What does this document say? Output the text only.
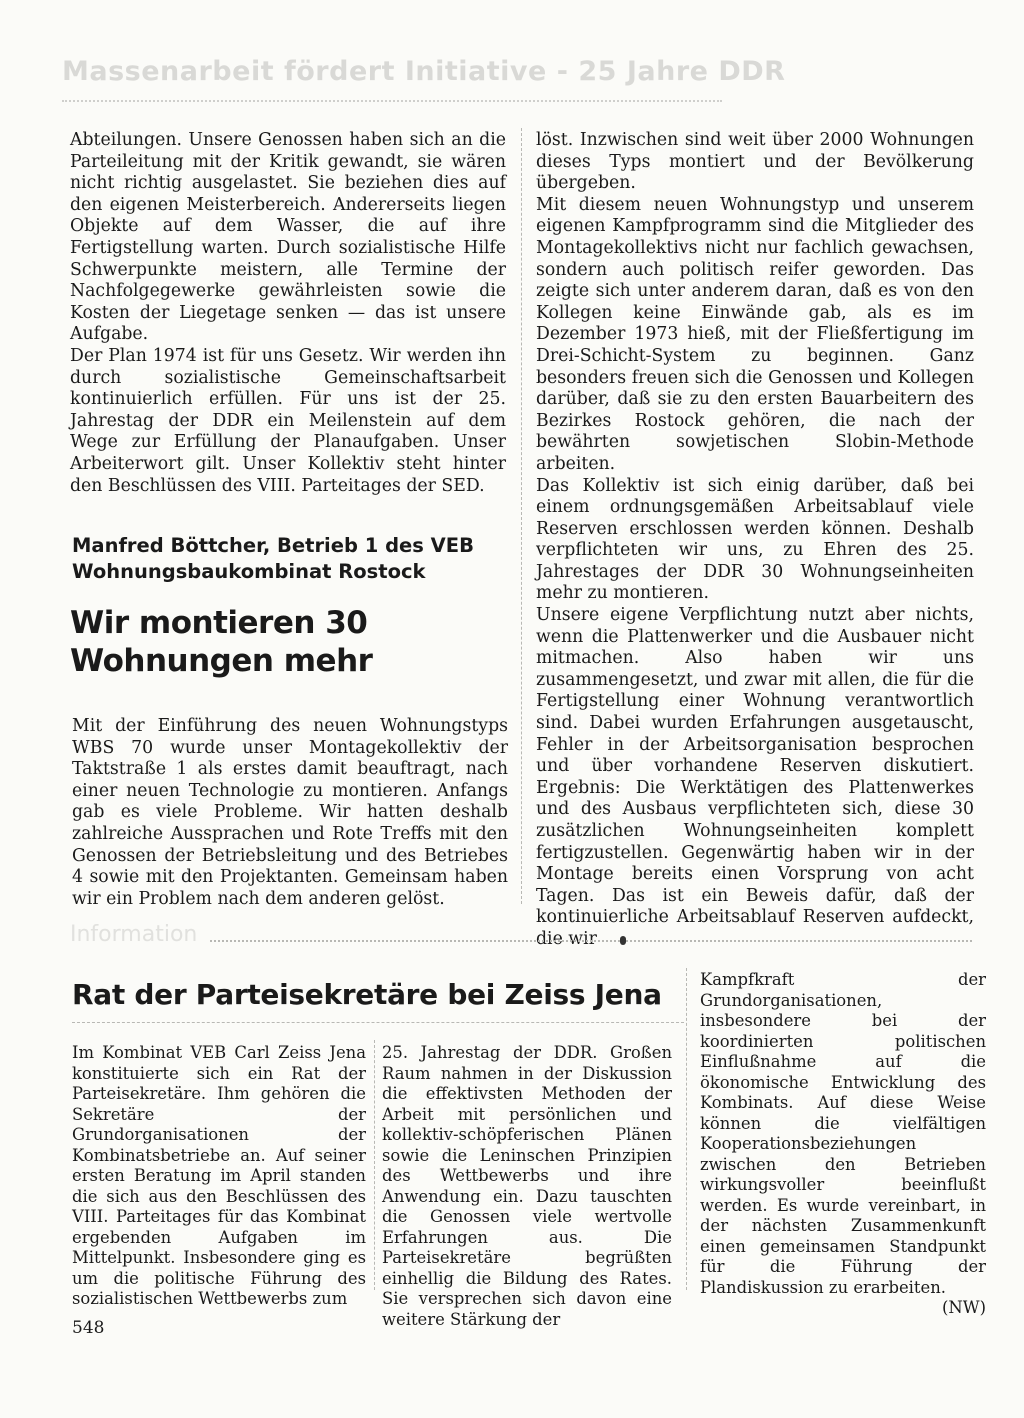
Massenarbeit fördert Initiative - 25 Jahre DDR

Abteilungen. Unsere Genossen haben sich an die Parteileitung mit der Kritik gewandt, sie wären nicht richtig ausgelastet. Sie beziehen dies auf den eigenen Meisterbereich. Andererseits liegen Objekte auf dem Wasser, die auf ihre Fertigstellung warten. Durch sozialistische Hilfe Schwerpunkte meistern, alle Termine der Nachfolgegewerke gewährleisten sowie die Kosten der Liegetage senken — das ist unsere Aufgabe.

Der Plan 1974 ist für uns Gesetz. Wir werden ihn durch sozialistische Gemeinschaftsarbeit kontinuierlich erfüllen. Für uns ist der 25. Jahrestag der DDR ein Meilenstein auf dem Wege zur Erfüllung der Planaufgaben. Unser Arbeiterwort gilt. Unser Kollektiv steht hinter den Beschlüssen des VIII. Parteitages der SED.

Manfred Böttcher, Betrieb 1 des VEB Wohnungsbaukombinat Rostock
Wir montieren 30 Wohnungen mehr

Mit der Einführung des neuen Wohnungstyps WBS 70 wurde unser Montagekollektiv der Taktstraße 1 als erstes damit beauftragt, nach einer neuen Technologie zu montieren. Anfangs gab es viele Probleme. Wir hatten deshalb zahlreiche Aussprachen und Rote Treffs mit den Genossen der Betriebsleitung und des Betriebes 4 sowie mit den Projektanten. Gemeinsam haben wir ein Problem nach dem anderen gelöst.

löst. Inzwischen sind weit über 2000 Wohnungen dieses Typs montiert und der Bevölkerung übergeben.

Mit diesem neuen Wohnungstyp und unserem eigenen Kampfprogramm sind die Mitglieder des Montagekollektivs nicht nur fachlich gewachsen, sondern auch politisch reifer geworden. Das zeigte sich unter anderem daran, daß es von den Kollegen keine Einwände gab, als es im Dezember 1973 hieß, mit der Fließfertigung im Drei-Schicht-System zu beginnen. Ganz besonders freuen sich die Genossen und Kollegen darüber, daß sie zu den ersten Bauarbeitern des Bezirkes Rostock gehören, die nach der bewährten sowjetischen Slobin-Methode arbeiten.

Das Kollektiv ist sich einig darüber, daß bei einem ordnungsgemäßen Arbeitsablauf viele Reserven erschlossen werden können. Deshalb verpflichteten wir uns, zu Ehren des 25. Jahrestages der DDR 30 Wohnungseinheiten mehr zu montieren.

Unsere eigene Verpflichtung nutzt aber nichts, wenn die Plattenwerker und die Ausbauer nicht mitmachen. Also haben wir uns zusammengesetzt, und zwar mit allen, die für die Fertigstellung einer Wohnung verantwortlich sind. Dabei wurden Erfahrungen ausgetauscht, Fehler in der Arbeitsorganisation besprochen und über vorhandene Reserven diskutiert. Ergebnis: Die Werktätigen des Plattenwerkes und des Ausbaus verpflichteten sich, diese 30 zusätzlichen Wohnungseinheiten komplett fertigzustellen. Gegenwärtig haben wir in der Montage bereits einen Vorsprung von acht Tagen. Das ist ein Beweis dafür, daß der kontinuierliche Arbeitsablauf Reserven aufdeckt, die wir

Information
Rat der Parteisekretäre bei Zeiss Jena

Im Kombinat VEB Carl Zeiss Jena konstituierte sich ein Rat der Parteisekretäre. Ihm gehören die Sekretäre der Grundorganisationen der Kombinatsbetriebe an. Auf seiner ersten Beratung im April standen die sich aus den Beschlüssen des VIII. Parteitages für das Kombinat ergebenden Aufgaben im Mittelpunkt. Insbesondere ging es um die politische Führung des sozialistischen Wettbewerbs zum

25. Jahrestag der DDR. Großen Raum nahmen in der Diskussion die effektivsten Methoden der Arbeit mit persönlichen und kollektiv-schöpferischen Plänen sowie die Leninschen Prinzipien des Wettbewerbs und ihre Anwendung ein. Dazu tauschten die Genossen viele wertvolle Erfahrungen aus. Die Parteisekretäre begrüßten einhellig die Bildung des Rates. Sie versprechen sich davon eine weitere Stärkung der

Kampfkraft der Grundorganisationen, insbesondere bei der koordinierten politischen Einflußnahme auf die ökonomische Entwicklung des Kombinats. Auf diese Weise können die vielfältigen Kooperationsbeziehungen zwischen den Betrieben wirkungsvoller beeinflußt werden. Es wurde vereinbart, in der nächsten Zusammenkunft einen gemeinsamen Standpunkt für die Führung der Plandiskussion zu erarbeiten.

(NW)

548
